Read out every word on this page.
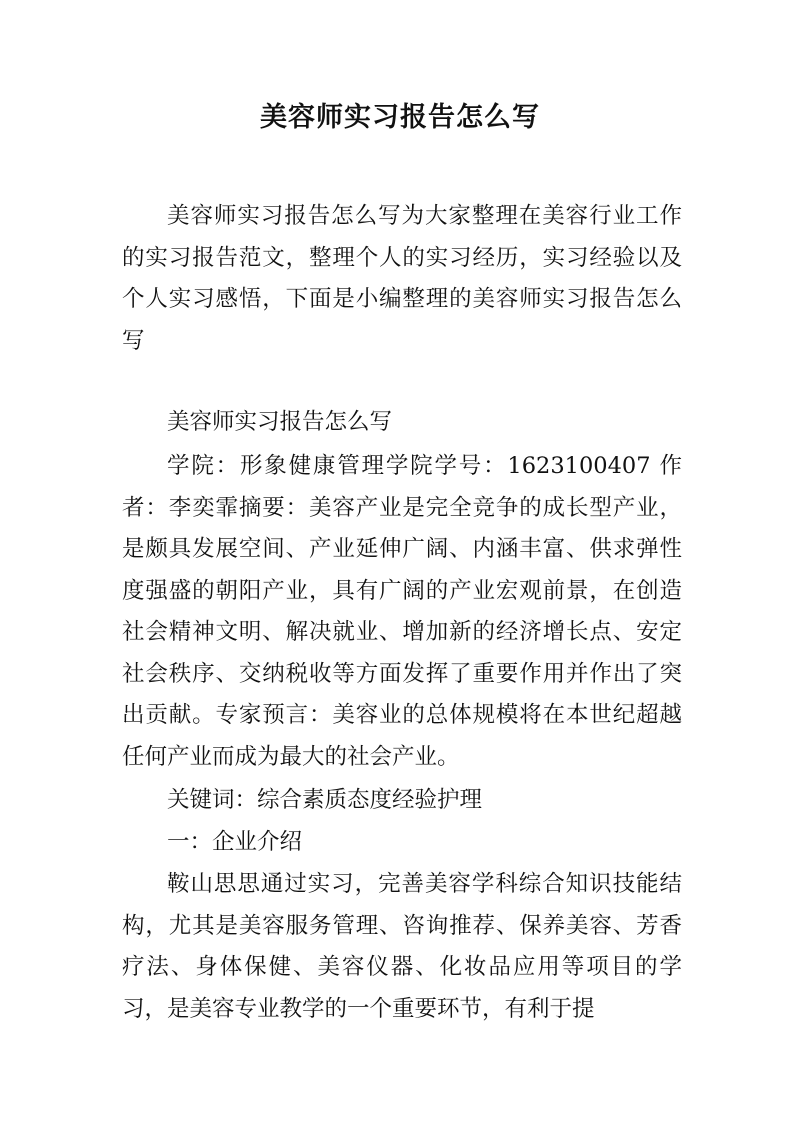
美容师实习报告怎么写

美容师实习报告怎么写为大家整理在美容行业工作的实习报告范文，整理个人的实习经历，实习经验以及个人实习感悟，下面是小编整理的美容师实习报告怎么写

美容师实习报告怎么写

学院：形象健康管理学院学号：1623100407 作者：李奕霏摘要：美容产业是完全竞争的成长型产业，是颇具发展空间、产业延伸广阔、内涵丰富、供求弹性度强盛的朝阳产业，具有广阔的产业宏观前景，在创造社会精神文明、解决就业、增加新的经济增长点、安定社会秩序、交纳税收等方面发挥了重要作用并作出了突出贡献。专家预言：美容业的总体规模将在本世纪超越任何产业而成为最大的社会产业。

关键词：综合素质态度经验护理

一：企业介绍

鞍山思思通过实习，完善美容学科综合知识技能结构，尤其是美容服务管理、咨询推荐、保养美容、芳香疗法、身体保健、美容仪器、化妆品应用等项目的学习，是美容专业教学的一个重要环节，有利于提
